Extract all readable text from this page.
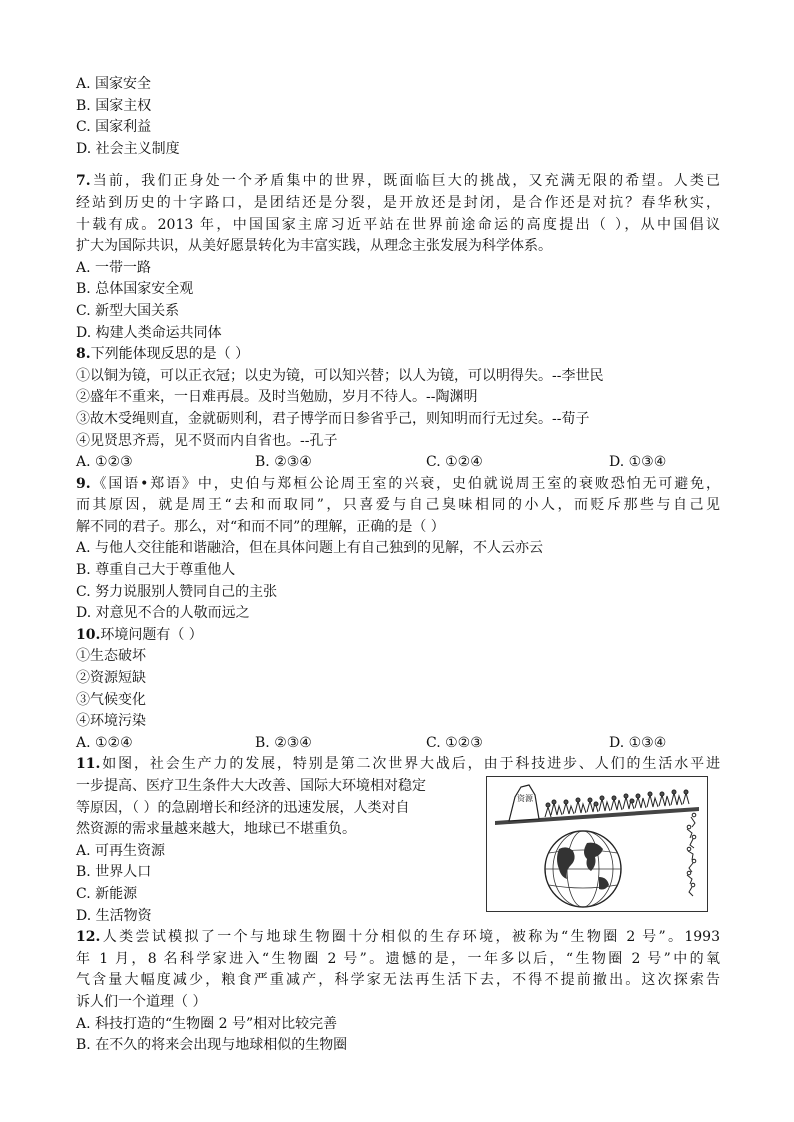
A. 国家安全
B. 国家主权
C. 国家利益
D. 社会主义制度
7.当前，我们正身处一个矛盾集中的世界，既面临巨大的挑战，又充满无限的希望。人类已
经站到历史的十字路口，是团结还是分裂，是开放还是封闭，是合作还是对抗？春华秋实，
十载有成。2013 年，中国国家主席习近平站在世界前途命运的高度提出（ ），从中国倡议
扩大为国际共识，从美好愿景转化为丰富实践，从理念主张发展为科学体系。
A. 一带一路
B. 总体国家安全观
C. 新型大国关系
D. 构建人类命运共同体
8.下列能体现反思的是（ ）
①以铜为镜，可以正衣冠；以史为镜，可以知兴替；以人为镜，可以明得失。--李世民
②盛年不重来，一日难再晨。及时当勉励，岁月不待人。--陶渊明
③故木受绳则直，金就砺则利，君子博学而日参省乎己，则知明而行无过矣。--荀子
④见贤思齐焉，见不贤而内自省也。--孔子
A. ①②③	B. ②③④	C. ①②④	D. ①③④
9.《国语•郑语》中，史伯与郑桓公论周王室的兴衰，史伯就说周王室的衰败恐怕无可避免，
而其原因，就是周王“去和而取同”，只喜爱与自己臭味相同的小人，而贬斥那些与自己见
解不同的君子。那么，对“和而不同”的理解，正确的是（ ）
A. 与他人交往能和谐融洽，但在具体问题上有自己独到的见解，不人云亦云
B. 尊重自己大于尊重他人
C. 努力说服别人赞同自己的主张
D. 对意见不合的人敬而远之
10.环境问题有（ ）
①生态破坏
②资源短缺
③气候变化
④环境污染
A. ①②④	B. ②③④	C. ①②③	D. ①③④
11.如图，社会生产力的发展，特别是第二次世界大战后，由于科技进步、人们的生活水平进
一步提高、医疗卫生条件大大改善、国际大环境相对稳定
等原因，（ ）的急剧增长和经济的迅速发展，人类对自
然资源的需求量越来越大，地球已不堪重负。
A. 可再生资源
B. 世界人口
C. 新能源
D. 生活物资
资源
12.人类尝试模拟了一个与地球生物圈十分相似的生存环境，被称为“生物圈 2 号”。1993
年 1 月，8 名科学家进入“生物圈 2 号”。遗憾的是，一年多以后，“生物圈 2 号”中的氧
气含量大幅度减少，粮食严重减产，科学家无法再生活下去，不得不提前撤出。这次探索告
诉人们一个道理（ ）
A. 科技打造的“生物圈 2 号”相对比较完善
B. 在不久的将来会出现与地球相似的生物圈
